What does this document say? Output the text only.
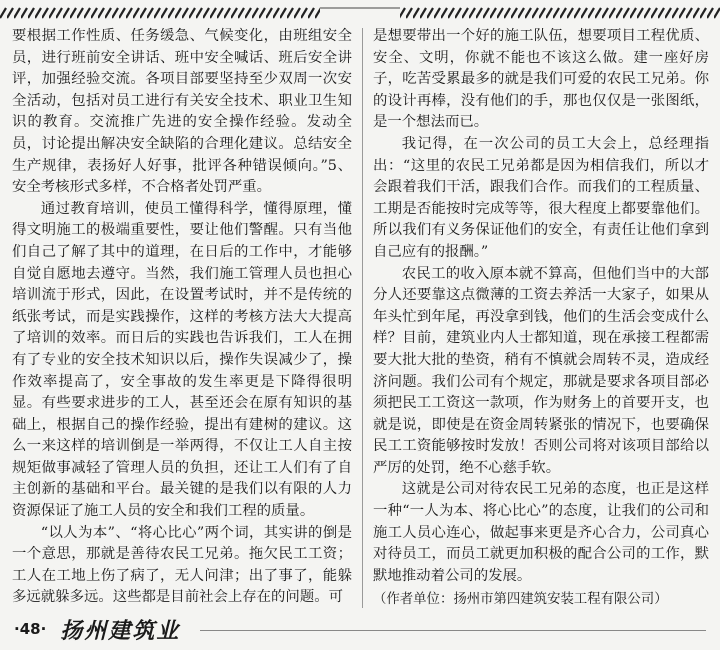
要根据工作性质、任务缓急、气候变化，由班组安全员，进行班前安全讲话、班中安全喊话、班后安全讲评，加强经验交流。各项目部要坚持至少双周一次安全活动，包括对员工进行有关安全技术、职业卫生知识的教育。交流推广先进的安全操作经验。发动全员，讨论提出解决安全缺陷的合理化建议。总结安全生产规律，表扬好人好事，批评各种错误倾向。”5、安全考核形式多样，不合格者处罚严重。

通过教育培训，使员工懂得科学，懂得原理，懂得文明施工的极端重要性，要让他们警醒。只有当他们自己了解了其中的道理，在日后的工作中，才能够自觉自愿地去遵守。当然，我们施工管理人员也担心培训流于形式，因此，在设置考试时，并不是传统的纸张考试，而是实践操作，这样的考核方法大大提高了培训的效率。而日后的实践也告诉我们，工人在拥有了专业的安全技术知识以后，操作失误减少了，操作效率提高了，安全事故的发生率更是下降得很明显。有些要求进步的工人，甚至还会在原有知识的基础上，根据自己的操作经验，提出有建树的建议。这么一来这样的培训倒是一举两得，不仅让工人自主按规矩做事减轻了管理人员的负担，还让工人们有了自主创新的基础和平台。最关键的是我们以有限的人力资源保证了施工人员的安全和我们工程的质量。

“以人为本”、“将心比心”两个词，其实讲的倒是一个意思，那就是善待农民工兄弟。拖欠民工工资；工人在工地上伤了病了，无人问津；出了事了，能躲多远就躲多远。这些都是目前社会上存在的问题。可

是想要带出一个好的施工队伍，想要项目工程优质、安全、文明，你就不能也不该这么做。建一座好房子，吃苦受累最多的就是我们可爱的农民工兄弟。你的设计再棒，没有他们的手，那也仅仅是一张图纸，是一个想法而已。

我记得，在一次公司的员工大会上，总经理指出：“这里的农民工兄弟都是因为相信我们，所以才会跟着我们干活，跟我们合作。而我们的工程质量、工期是否能按时完成等等，很大程度上都要靠他们。所以我们有义务保证他们的安全，有责任让他们拿到自己应有的报酬。”

农民工的收入原本就不算高，但他们当中的大部分人还要靠这点微薄的工资去养活一大家子，如果从年头忙到年尾，再没拿到钱，他们的生活会变成什么样？目前，建筑业内人士都知道，现在承接工程都需要大批大批的垫资，稍有不慎就会周转不灵，造成经济问题。我们公司有个规定，那就是要求各项目部必须把民工工资这一款项，作为财务上的首要开支，也就是说，即使是在资金周转紧张的情况下，也要确保民工工资能够按时发放！否则公司将对该项目部给以严厉的处罚，绝不心慈手软。

这就是公司对待农民工兄弟的态度，也正是这样一种“一人为本、将心比心”的态度，让我们的公司和施工人员心连心，做起事来更是齐心合力，公司真心对待员工，而员工就更加积极的配合公司的工作，默默地推动着公司的发展。

（作者单位：扬州市第四建筑安装工程有限公司）

·48· 扬州建筑业
